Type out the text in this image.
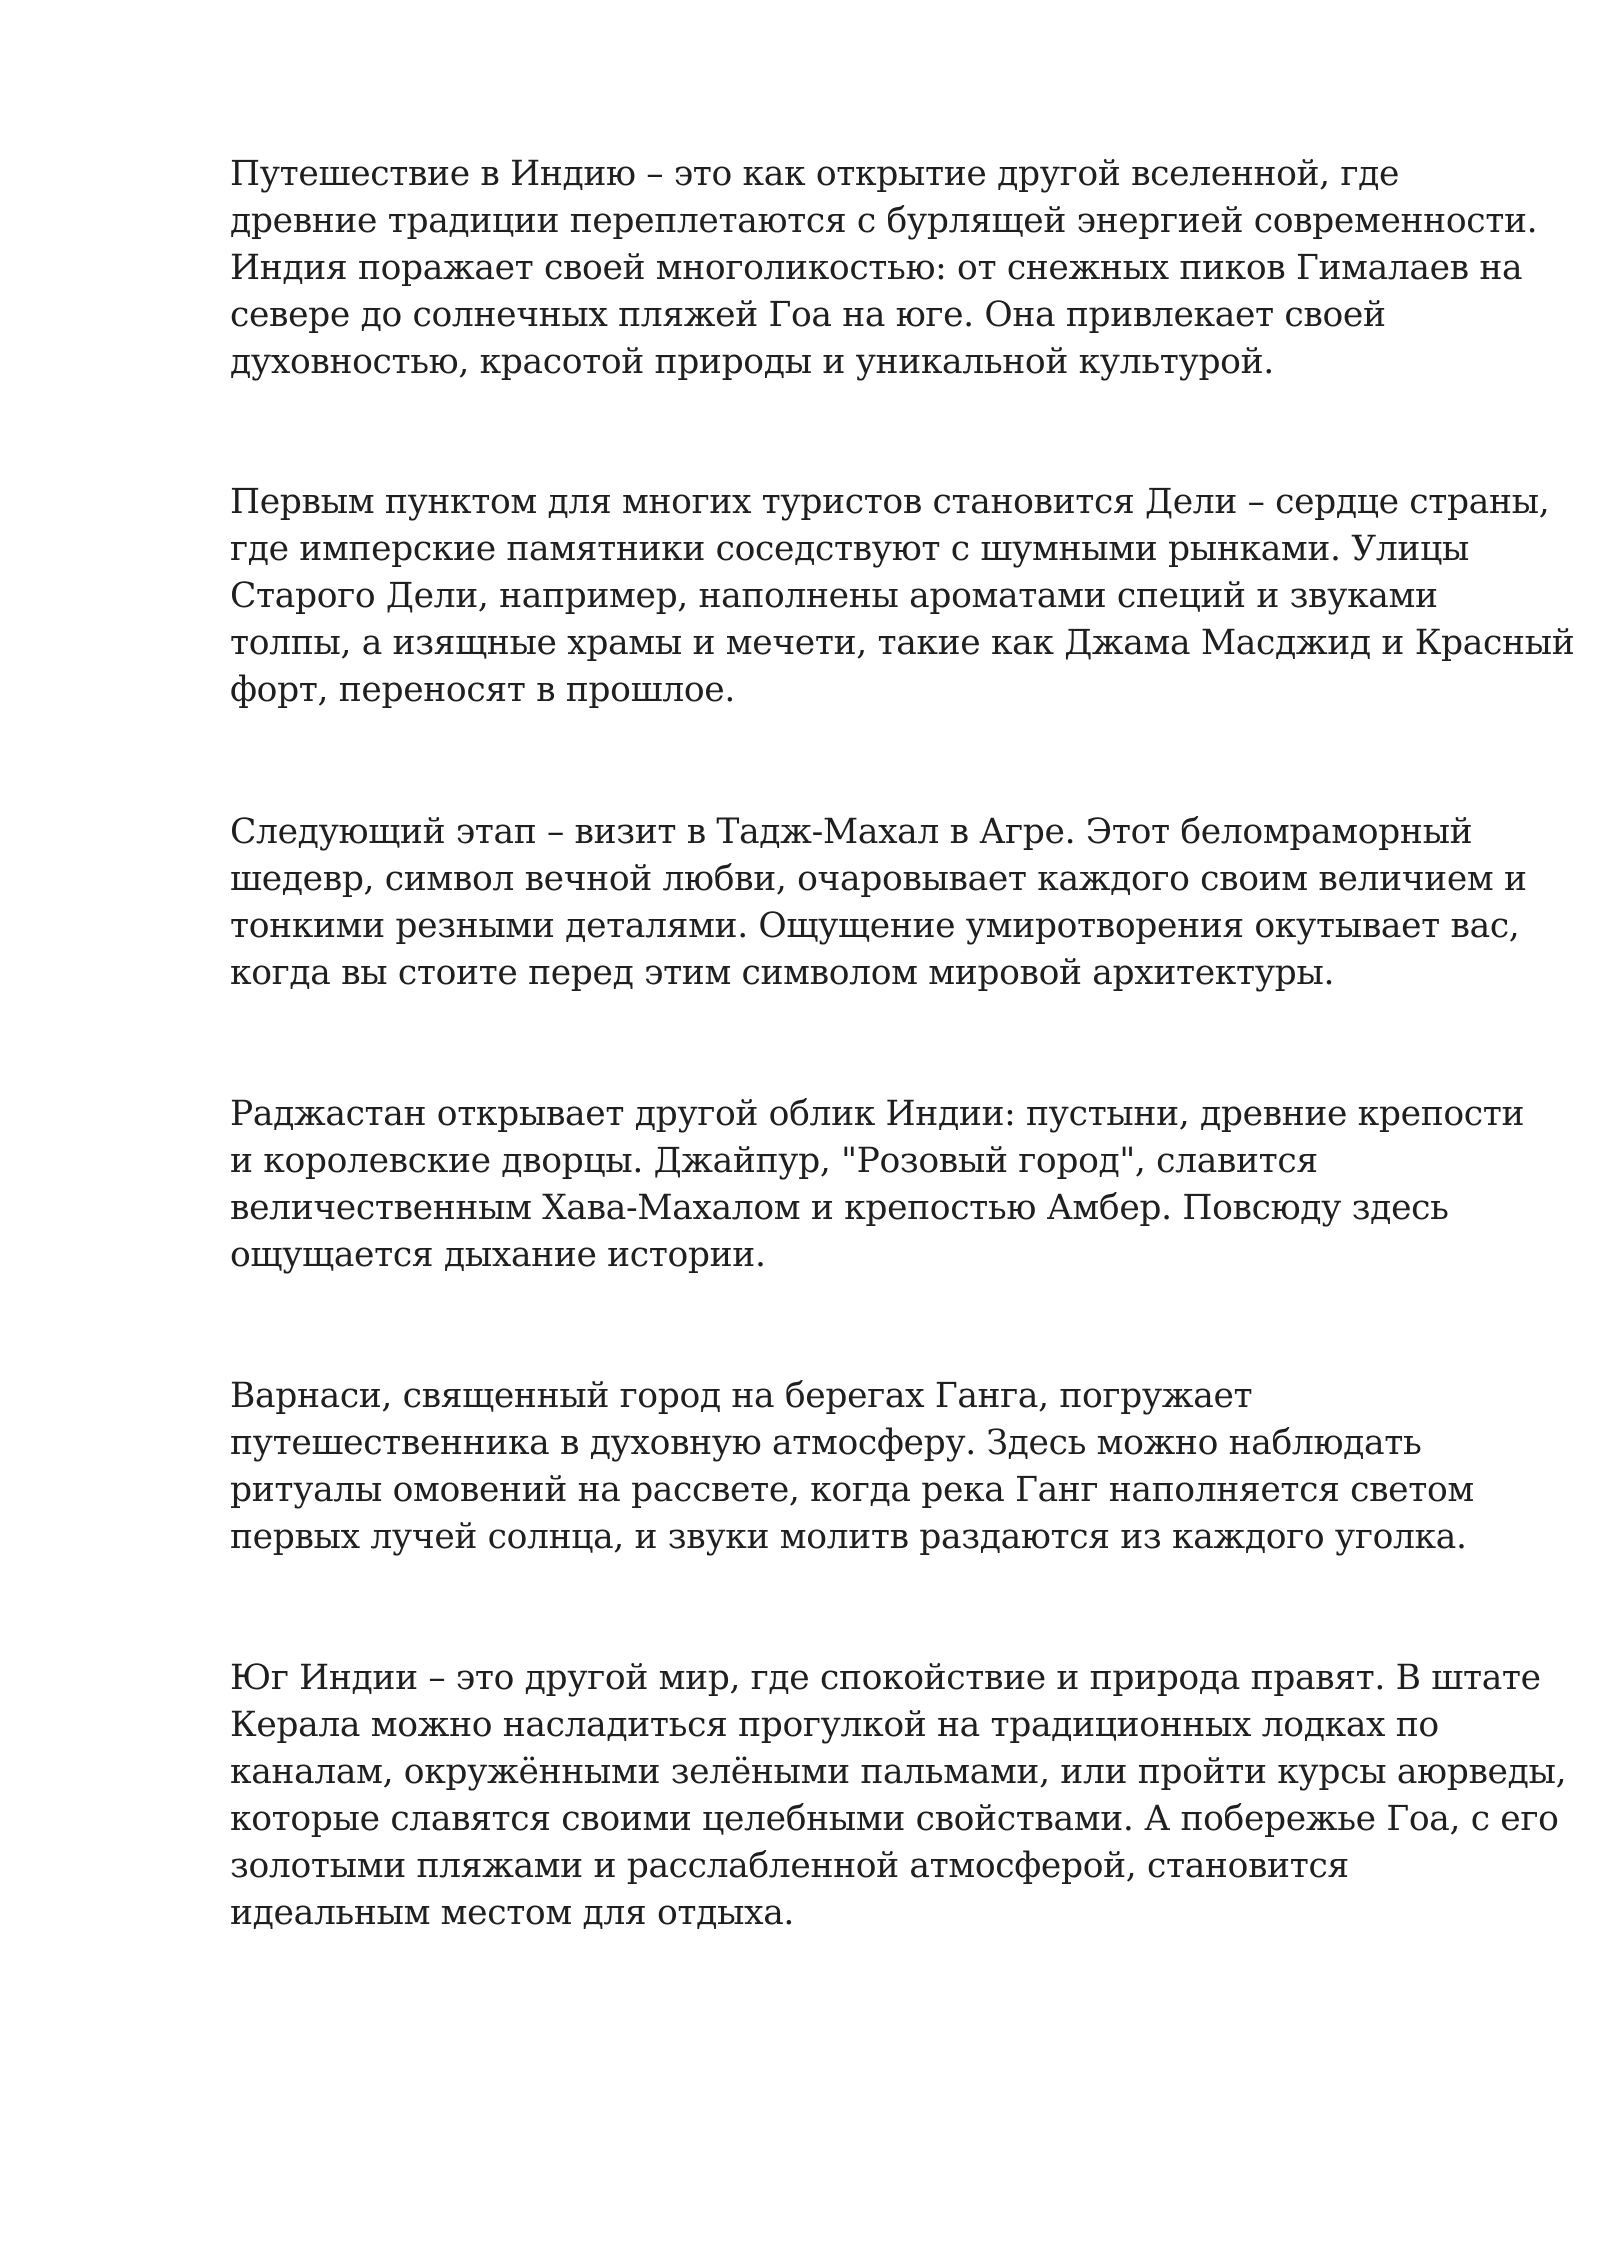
Путешествие в Индию – это как открытие другой вселенной, где
древние традиции переплетаются с бурлящей энергией современности.
Индия поражает своей многоликостью: от снежных пиков Гималаев на
севере до солнечных пляжей Гоа на юге. Она привлекает своей
духовностью, красотой природы и уникальной культурой.

Первым пунктом для многих туристов становится Дели – сердце страны,
где имперские памятники соседствуют с шумными рынками. Улицы
Старого Дели, например, наполнены ароматами специй и звуками
толпы, а изящные храмы и мечети, такие как Джама Масджид и Красный
форт, переносят в прошлое.

Следующий этап – визит в Тадж-Махал в Агре. Этот беломраморный
шедевр, символ вечной любви, очаровывает каждого своим величием и
тонкими резными деталями. Ощущение умиротворения окутывает вас,
когда вы стоите перед этим символом мировой архитектуры.

Раджастан открывает другой облик Индии: пустыни, древние крепости
и королевские дворцы. Джайпур, "Розовый город", славится
величественным Хава-Махалом и крепостью Амбер. Повсюду здесь
ощущается дыхание истории.

Варнаси, священный город на берегах Ганга, погружает
путешественника в духовную атмосферу. Здесь можно наблюдать
ритуалы омовений на рассвете, когда река Ганг наполняется светом
первых лучей солнца, и звуки молитв раздаются из каждого уголка.

Юг Индии – это другой мир, где спокойствие и природа правят. В штате
Керала можно насладиться прогулкой на традиционных лодках по
каналам, окружёнными зелёными пальмами, или пройти курсы аюрведы,
которые славятся своими целебными свойствами. А побережье Гоа, с его
золотыми пляжами и расслабленной атмосферой, становится
идеальным местом для отдыха.
